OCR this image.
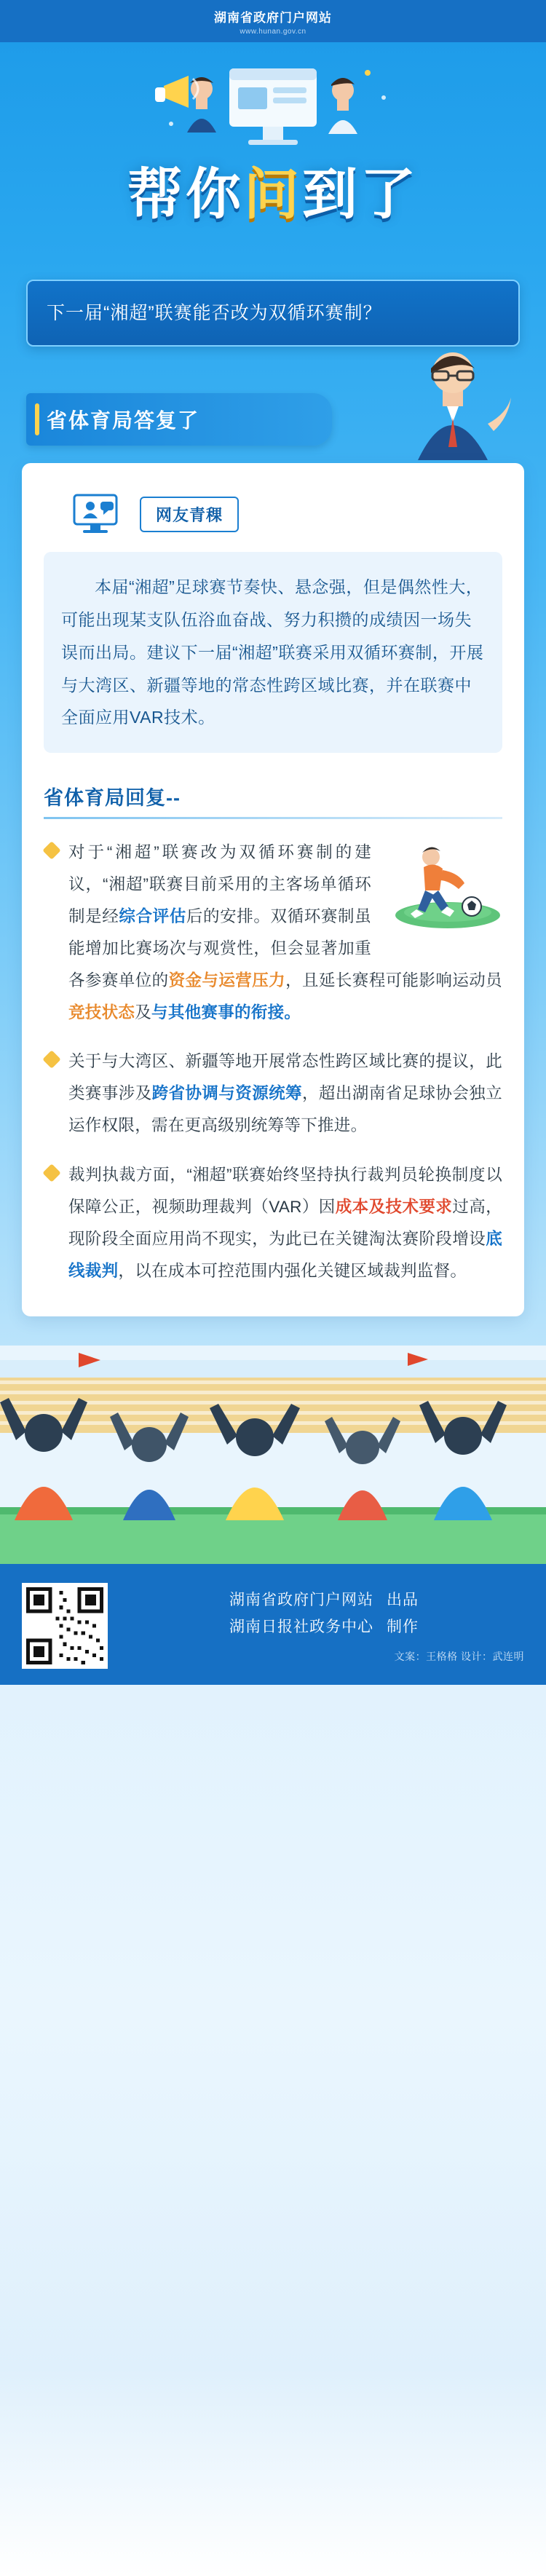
湖南省政府门户网站
www.hunan.gov.cn
帮你问到了
下一届“湘超”联赛能否改为双循环赛制？
省体育局答复了
网友青稞
本届“湘超”足球赛节奏快、悬念强，但是偶然性大，可能出现某支队伍浴血奋战、努力积攒的成绩因一场失误而出局。建议下一届“湘超”联赛采用双循环赛制，开展与大湾区、新疆等地的常态性跨区域比赛，并在联赛中全面应用VAR技术。
省体育局回复--
对于“湘超”联赛改为双循环赛制的建议，“湘超”联赛目前采用的主客场单循环制是经综合评估后的安排。双循环赛制虽能增加比赛场次与观赏性，但会显著加重各参赛单位的资金与运营压力，且延长赛程可能影响运动员竞技状态及与其他赛事的衔接。
关于与大湾区、新疆等地开展常态性跨区域比赛的提议，此类赛事涉及跨省协调与资源统筹，超出湖南省足球协会独立运作权限，需在更高级别统筹等下推进。
裁判执裁方面，“湘超”联赛始终坚持执行裁判员轮换制度以保障公正，视频助理裁判（VAR）因成本及技术要求过高，现阶段全面应用尚不现实，为此已在关键淘汰赛阶段增设底线裁判，以在成本可控范围内强化关键区域裁判监督。
湖南省政府门户网站 出品
湖南日报社政务中心 制作
文案：王格格 设计：武连明
